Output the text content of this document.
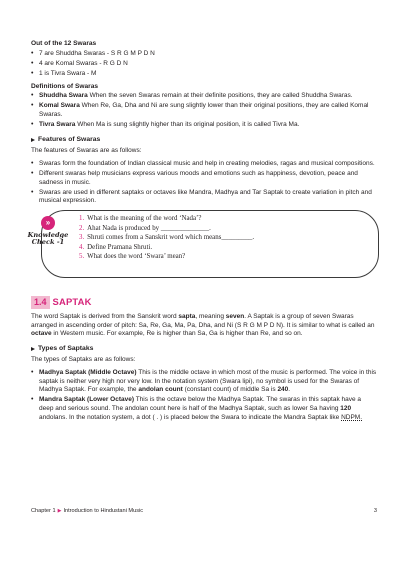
Out of the 12 Swaras
• 7 are Shuddha Swaras - S R G M P D N
• 4 are Komal Swaras - R G D N
• 1 is Tivra Swara - M
Definitions of Swaras
• Shuddha Swara When the seven Swaras remain at their definite positions, they are called Shuddha Swaras.
• Komal Swara When Re, Ga, Dha and Ni are sung slightly lower than their original positions, they are called Komal Swaras.
• Tivra Swara When Ma is sung slightly higher than its original position, it is called Tivra Ma.
Features of Swaras

The features of Swaras are as follows:

• Swaras form the foundation of Indian classical music and help in creating melodies, ragas and musical compositions.
• Different swaras help musicians express various moods and emotions such as happiness, devotion, peace and sadness in music.
• Swaras are used in different saptaks or octaves like Mandra, Madhya and Tar Saptak to create variation in pitch and musical expression.
»
Knowledge
Check -1
1. What is the meaning of the word ‘Nada’?
2. Ahat Nada is produced by ______________.
3. Shruti comes from a Sanskrit word which means_________.
4. Define Pramana Shruti.
5. What does the word ‘Swara’ mean?
1.4 SAPTAK

The word Saptak is derived from the Sanskrit word sapta, meaning seven. A Saptak is a group of seven Swaras arranged in ascending order of pitch: Sa, Re, Ga, Ma, Pa, Dha, and Ni (S R G M P D N). It is similar to what is called an octave in Western music. For example, Re is higher than Sa, Ga is higher than Re, and so on.

Types of Saptaks

The types of Saptaks are as follows:

• Madhya Saptak (Middle Octave) This is the middle octave in which most of the music is performed. The voice in this saptak is neither very high nor very low. In the notation system (Swara lipi), no symbol is used for the Swaras of Madhya Saptak. For example, the andolan count (constant count) of middle Sa is 240.
• Mandra Saptak (Lower Octave) This is the octave below the Madhya Saptak. The swaras in this saptak have a deep and serious sound. The andolan count here is half of the Madhya Saptak, such as lower Sa having 120 andolans. In the notation system, a dot ( . ) is placed below the Swara to indicate the Mandra Saptak like NDPM.
Chapter 1 ▶ Introduction to Hindustani Music	3
